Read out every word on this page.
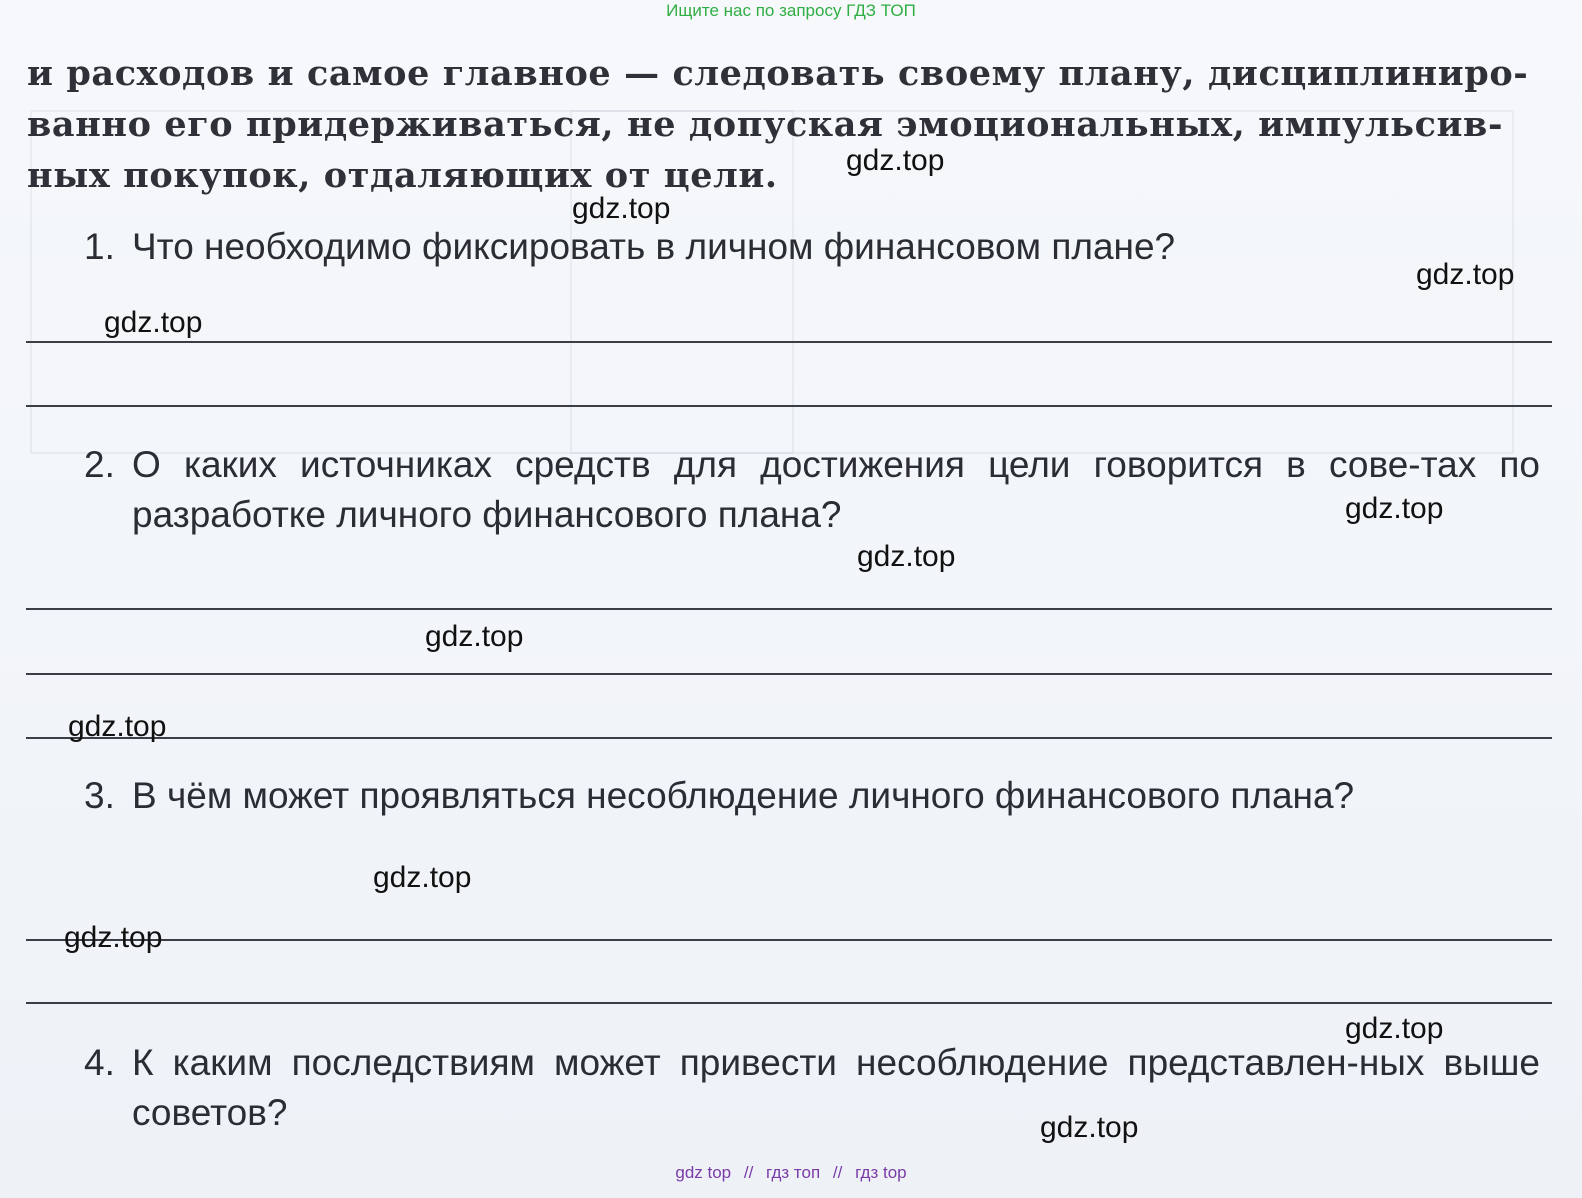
Ищите нас по запросу ГДЗ ТОП
и расходов и самое главное — следовать своему плану, дисциплиниро-
ванно его придерживаться, не допуская эмоциональных, импульсив-
ных покупок, отдаляющих от цели.
1. Что необходимо фиксировать в личном финансовом плане?
2. О каких источниках средств для достижения цели говорится в сове-тах по разработке личного финансового плана?
3. В чём может проявляться несоблюдение личного финансового плана?
4. К каким последствиям может привести несоблюдение представлен-ных выше советов?
gdz.top
gdz.top
gdz.top
gdz.top
gdz.top
gdz.top
gdz.top
gdz.top
gdz.top
gdz.top
gdz.top
gdz.top
gdz top // гдз топ // гдз top
